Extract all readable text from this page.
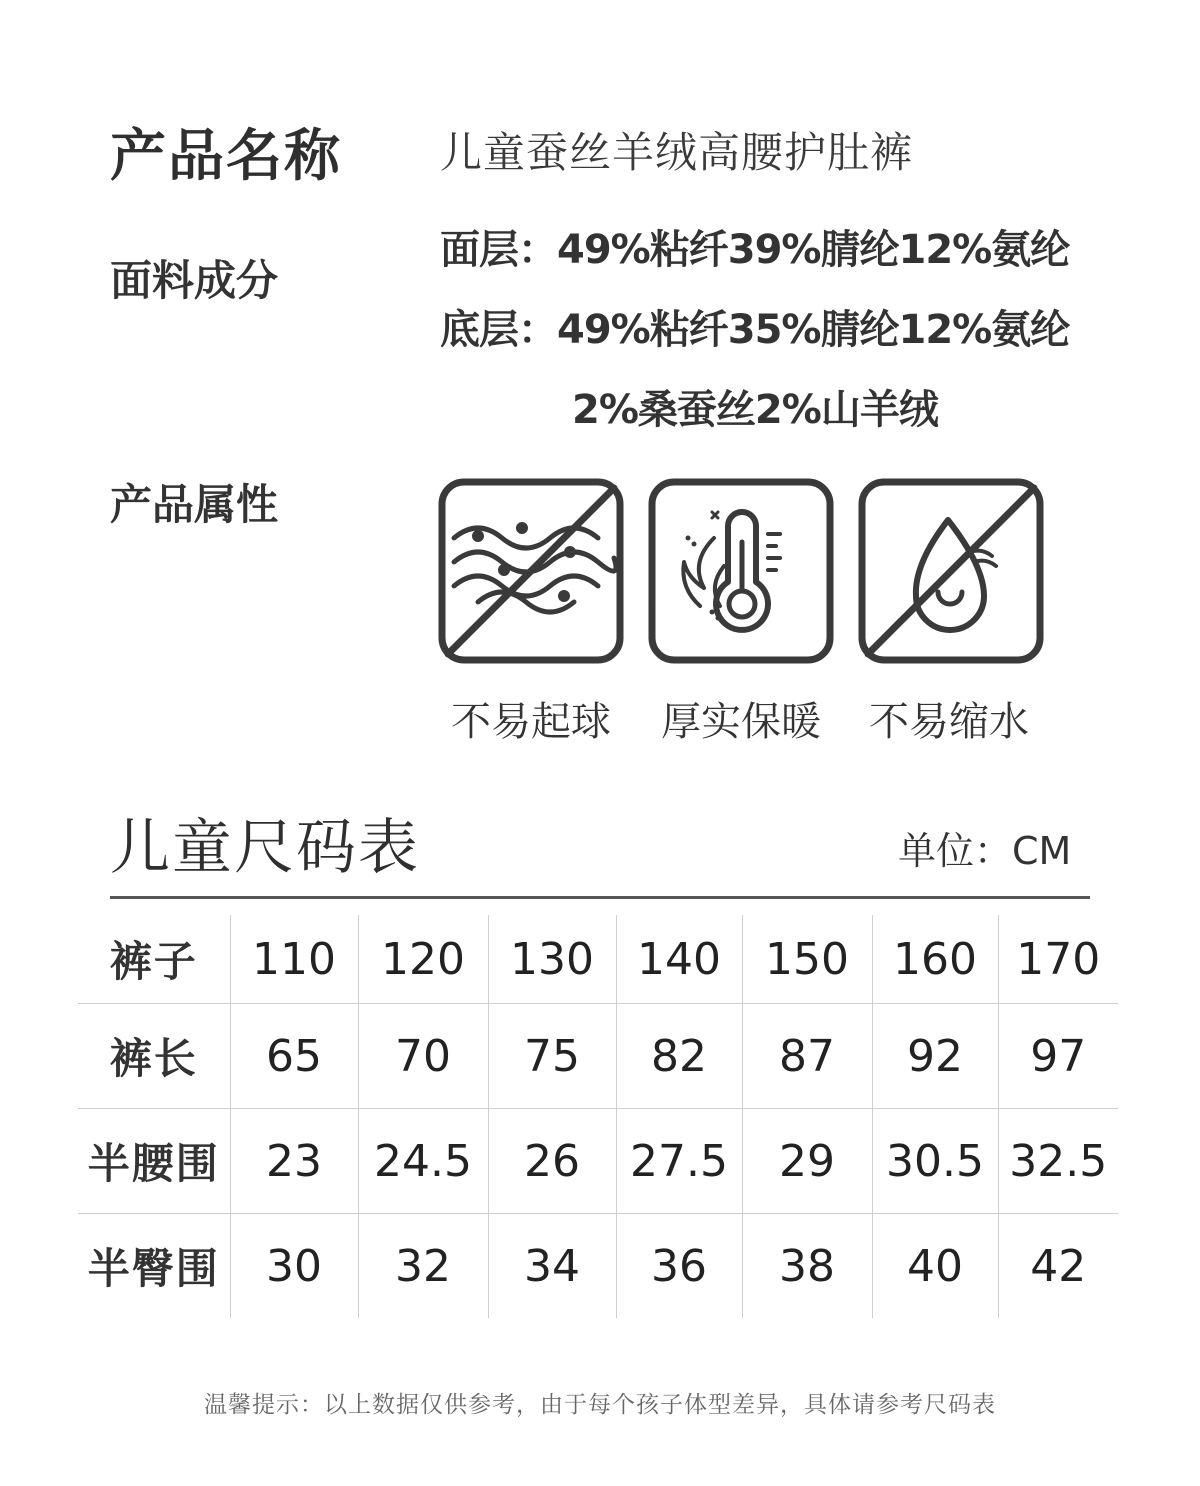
产品名称 儿童蚕丝羊绒高腰护肚裤
面料成分
面层：49%粘纤39%腈纶12%氨纶
底层：49%粘纤35%腈纶12%氨纶
2%桑蚕丝2%山羊绒
产品属性
不易起球	厚实保暖	不易缩水
儿童尺码表	单位：CM
裤子	110	120	130	140	150	160	170
裤长	65	70	75	82	87	92	97
半腰围	23	24.5	26	27.5	29	30.5	32.5
半臀围	30	32	34	36	38	40	42
温馨提示：以上数据仅供参考，由于每个孩子体型差异，具体请参考尺码表
